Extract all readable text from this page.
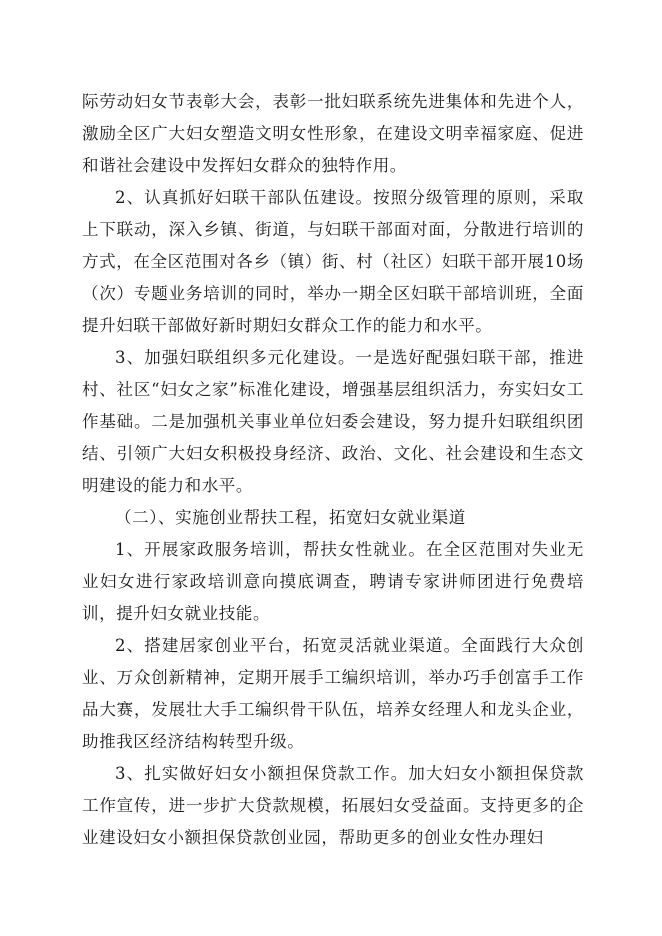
际劳动妇女节表彰大会，表彰一批妇联系统先进集体和先进个人，激励全区广大妇女塑造文明女性形象，在建设文明幸福家庭、促进和谐社会建设中发挥妇女群众的独特作用。

2、认真抓好妇联干部队伍建设。按照分级管理的原则，采取上下联动，深入乡镇、街道，与妇联干部面对面，分散进行培训的方式，在全区范围对各乡（镇）街、村（社区）妇联干部开展10场（次）专题业务培训的同时，举办一期全区妇联干部培训班，全面提升妇联干部做好新时期妇女群众工作的能力和水平。

3、加强妇联组织多元化建设。一是选好配强妇联干部，推进村、社区“妇女之家”标准化建设，增强基层组织活力，夯实妇女工作基础。二是加强机关事业单位妇委会建设，努力提升妇联组织团结、引领广大妇女积极投身经济、政治、文化、社会建设和生态文明建设的能力和水平。

（二）、实施创业帮扶工程，拓宽妇女就业渠道

1、开展家政服务培训，帮扶女性就业。在全区范围对失业无业妇女进行家政培训意向摸底调查，聘请专家讲师团进行免费培训，提升妇女就业技能。

2、搭建居家创业平台，拓宽灵活就业渠道。全面践行大众创业、万众创新精神，定期开展手工编织培训，举办巧手创富手工作品大赛，发展壮大手工编织骨干队伍，培养女经理人和龙头企业，助推我区经济结构转型升级。

3、扎实做好妇女小额担保贷款工作。加大妇女小额担保贷款工作宣传，进一步扩大贷款规模，拓展妇女受益面。支持更多的企业建设妇女小额担保贷款创业园，帮助更多的创业女性办理妇
